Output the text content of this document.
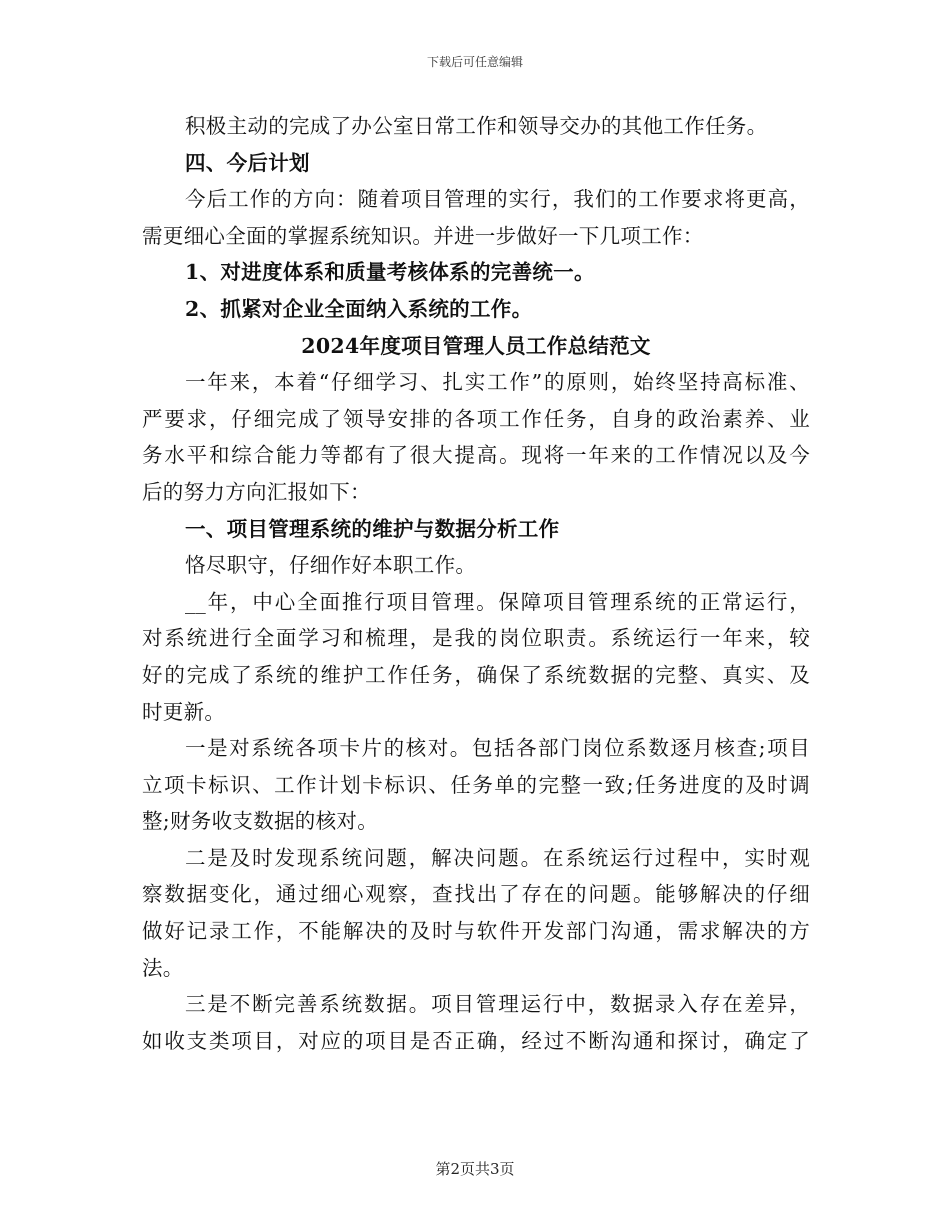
下载后可任意编辑
积极主动的完成了办公室日常工作和领导交办的其他工作任务。
四、今后计划
今后工作的方向：随着项目管理的实行，我们的工作要求将更高，
需更细心全面的掌握系统知识。并进一步做好一下几项工作：
1、对进度体系和质量考核体系的完善统一。
2、抓紧对企业全面纳入系统的工作。
2024年度项目管理人员工作总结范文
一年来，本着“仔细学习、扎实工作”的原则，始终坚持高标准、
严要求，仔细完成了领导安排的各项工作任务，自身的政治素养、业
务水平和综合能力等都有了很大提高。现将一年来的工作情况以及今
后的努力方向汇报如下：
一、项目管理系统的维护与数据分析工作
恪尽职守，仔细作好本职工作。
__年，中心全面推行项目管理。保障项目管理系统的正常运行，
对系统进行全面学习和梳理，是我的岗位职责。系统运行一年来，较
好的完成了系统的维护工作任务，确保了系统数据的完整、真实、及
时更新。
一是对系统各项卡片的核对。包括各部门岗位系数逐月核查;项目
立项卡标识、工作计划卡标识、任务单的完整一致;任务进度的及时调
整;财务收支数据的核对。
二是及时发现系统问题，解决问题。在系统运行过程中，实时观
察数据变化，通过细心观察，查找出了存在的问题。能够解决的仔细
做好记录工作，不能解决的及时与软件开发部门沟通，需求解决的方
法。
三是不断完善系统数据。项目管理运行中，数据录入存在差异，
如收支类项目，对应的项目是否正确，经过不断沟通和探讨，确定了
第2页共3页
